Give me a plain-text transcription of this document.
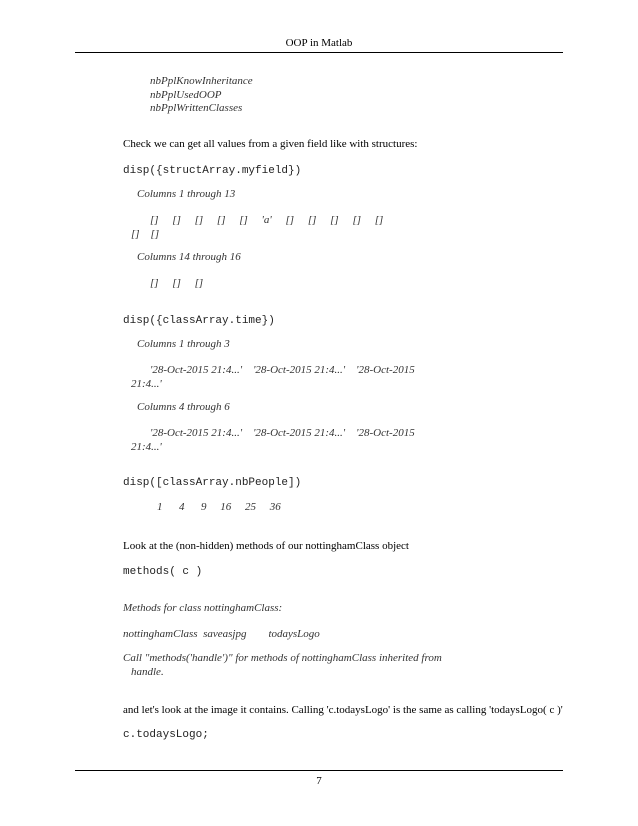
OOP in Matlab
nbPplKnowInheritance
nbPplUsedOOP
nbPplWrittenClasses
Check we can get all values from a given field like with structures:
disp({structArray.myfield})
Columns 1 through 13
[]     []     []     []     []     'a'     []     []     []     []     []
[]    []
Columns 14 through 16
[]     []     []
disp({classArray.time})
Columns 1 through 3
'28-Oct-2015 21:4...'    '28-Oct-2015 21:4...'    '28-Oct-2015
21:4...'
Columns 4 through 6
'28-Oct-2015 21:4...'    '28-Oct-2015 21:4...'    '28-Oct-2015
21:4...'
disp([classArray.nbPeople])
1      4      9     16     25     36
Look at the (non-hidden) methods of our nottinghamClass object
methods( c )
Methods for class nottinghamClass:
nottinghamClass  saveasjpg        todaysLogo
Call "methods('handle')" for methods of nottinghamClass inherited from
handle.
and let's look at the image it contains. Calling 'c.todaysLogo' is the same as calling 'todaysLogo( c )'
c.todaysLogo;
7
